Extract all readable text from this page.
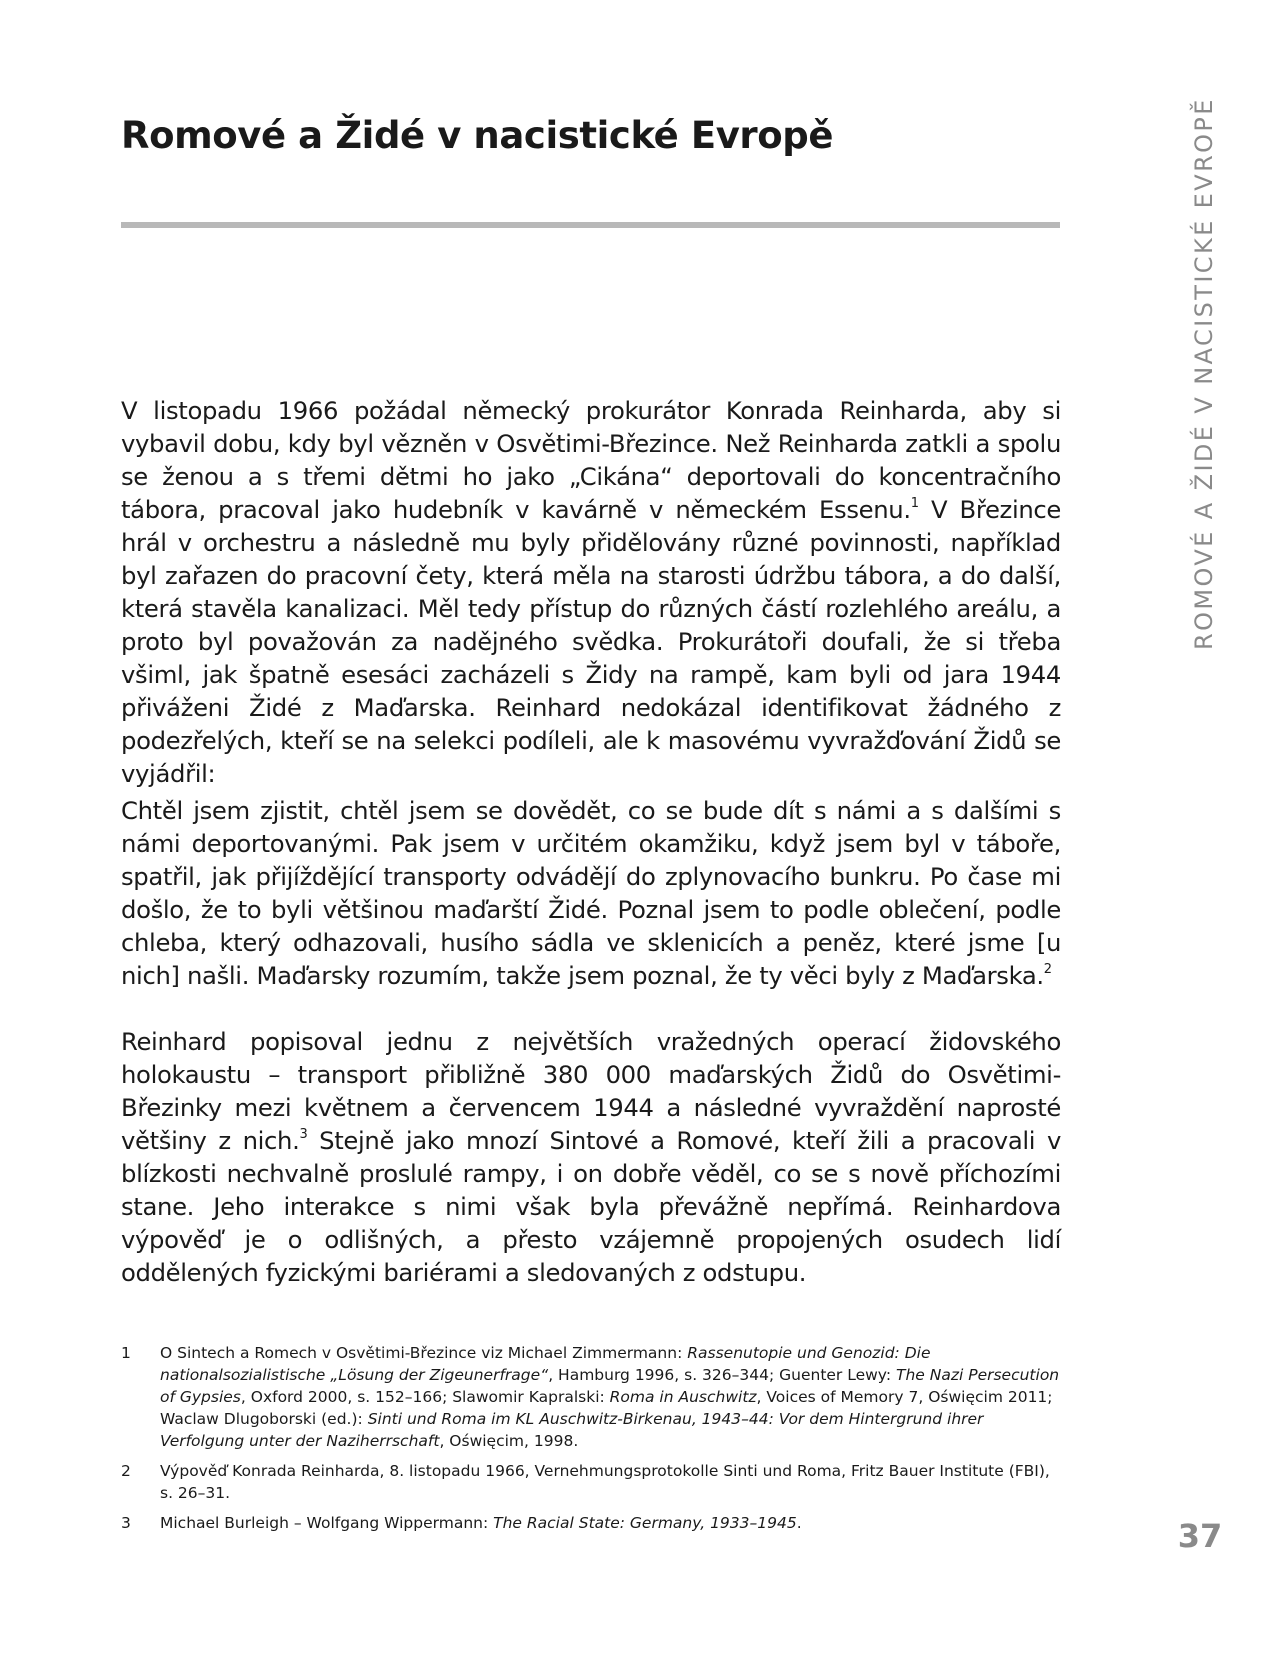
Romové a Židé v nacistické Evropě	ROMOVÉ A ŽIDÉ V NACISTICKÉ EVROPĚ

V listopadu 1966 požádal německý prokurátor Konrada Reinharda, aby si vybavil dobu, kdy byl vězněn v Osvětimi-Březince. Než Reinharda zatkli a spolu se ženou a s třemi dětmi ho jako „Cikána“ deportovali do koncentračního tábora, pracoval jako hudebník v kavárně v německém Essenu.$^1$ V Březince hrál v orchestru a následně mu byly přidělovány různé povinnosti, například byl zařazen do pracovní čety, která měla na starosti údržbu tábora, a do další, která stavěla kanalizaci. Měl tedy přístup do různých částí rozlehlého areálu, a proto byl považován za nadějného svědka. Prokurátoři doufali, že si třeba všiml, jak špatně esesáci zacházeli s Židy na rampě, kam byli od jara 1944 přiváženi Židé z Maďarska. Reinhard nedokázal identifikovat žádného z podezřelých, kteří se na selekci podíleli, ale k masovému vyvražďování Židů se vyjádřil:

Chtěl jsem zjistit, chtěl jsem se dovědět, co se bude dít s námi a s dalšími s námi deportovanými. Pak jsem v určitém okamžiku, když jsem byl v táboře, spatřil, jak přijíždějící transporty odvádějí do zplynovacího bunkru. Po čase mi došlo, že to byli většinou maďarští Židé. Poznal jsem to podle oblečení, podle chleba, který odhazovali, husího sádla ve sklenicích a peněz, které jsme [u nich] našli. Maďarsky rozumím, takže jsem poznal, že ty věci byly z Maďarska.$^2$

Reinhard popisoval jednu z největších vražedných operací židovského holokaustu – transport přibližně 380 000 maďarských Židů do Osvětimi-Březinky mezi květnem a červencem 1944 a následné vyvraždění naprosté většiny z nich.$^3$ Stejně jako mnozí Sintové a Romové, kteří žili a pracovali v blízkosti nechvalně proslulé rampy, i on dobře věděl, co se s nově příchozími stane. Jeho interakce s nimi však byla převážně nepřímá. Reinhardova výpověď je o odlišných, a přesto vzájemně propojených osudech lidí oddělených fyzickými bariérami a sledovaných z odstupu.

1	O Sintech a Romech v Osvětimi-Březince viz Michael Zimmermann: Rassenutopie und Genozid: Die nationalsozialistische „Lösung der Zigeunerfrage“, Hamburg 1996, s. 326–344; Guenter Lewy: The Nazi Persecution of Gypsies, Oxford 2000, s. 152–166; Slawomir Kapralski: Roma in Auschwitz, Voices of Memory 7, Oświęcim 2011; Waclaw Dlugoborski (ed.): Sinti und Roma im KL Auschwitz-Birkenau, 1943–44: Vor dem Hintergrund ihrer Verfolgung unter der Naziherrschaft, Oświęcim, 1998.
2	Výpověď Konrada Reinharda, 8. listopadu 1966, Vernehmungsprotokolle Sinti und Roma, Fritz Bauer Institute (FBI), s. 26–31.
3	Michael Burleigh – Wolfgang Wippermann: The Racial State: Germany, 1933–1945.	37
